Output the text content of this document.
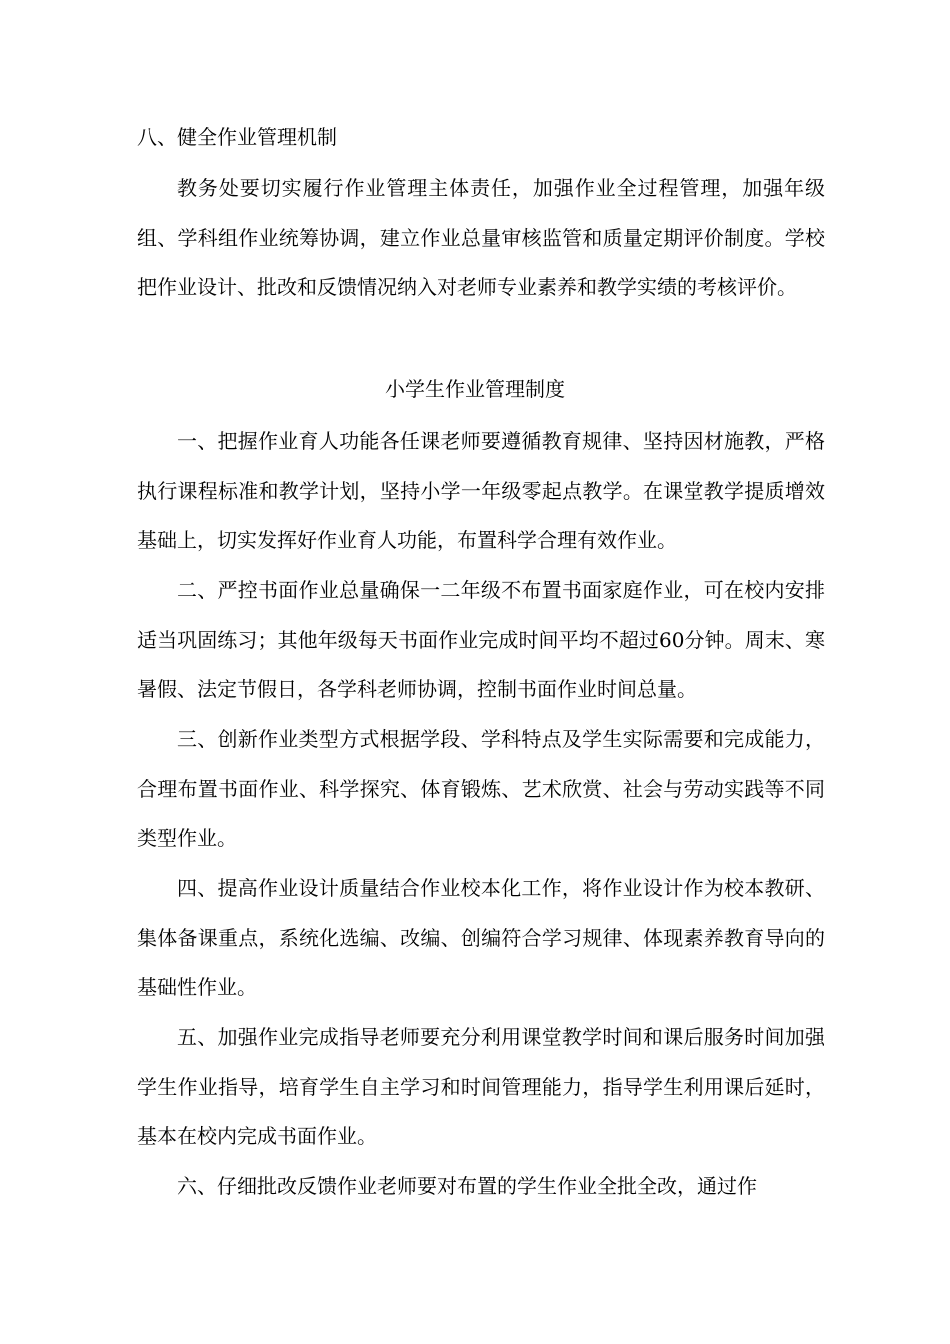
八、健全作业管理机制

教务处要切实履行作业管理主体责任，加强作业全过程管理，加强年级组、学科组作业统筹协调，建立作业总量审核监管和质量定期评价制度。学校把作业设计、批改和反馈情况纳入对老师专业素养和教学实绩的考核评价。

小学生作业管理制度

一、把握作业育人功能各任课老师要遵循教育规律、坚持因材施教，严格执行课程标准和教学计划，坚持小学一年级零起点教学。在课堂教学提质增效基础上，切实发挥好作业育人功能，布置科学合理有效作业。

二、严控书面作业总量确保一二年级不布置书面家庭作业，可在校内安排适当巩固练习；其他年级每天书面作业完成时间平均不超过60分钟。周末、寒暑假、法定节假日，各学科老师协调，控制书面作业时间总量。

三、创新作业类型方式根据学段、学科特点及学生实际需要和完成能力，合理布置书面作业、科学探究、体育锻炼、艺术欣赏、社会与劳动实践等不同类型作业。

四、提高作业设计质量结合作业校本化工作，将作业设计作为校本教研、集体备课重点，系统化选编、改编、创编符合学习规律、体现素养教育导向的基础性作业。

五、加强作业完成指导老师要充分利用课堂教学时间和课后服务时间加强学生作业指导，培育学生自主学习和时间管理能力，指导学生利用课后延时，基本在校内完成书面作业。

六、仔细批改反馈作业老师要对布置的学生作业全批全改，通过作
